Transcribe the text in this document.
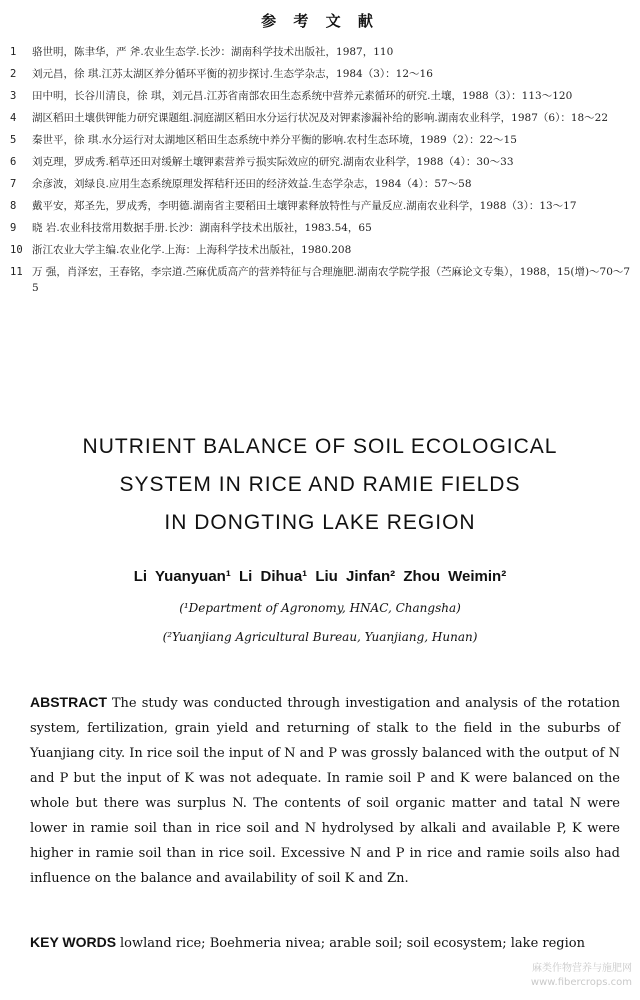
参 考 文 献
1	骆世明，陈聿华，严 斧.农业生态学.长沙：湖南科学技术出版社，1987，110
2	刘元昌，徐 琪.江苏太湖区养分循环平衡的初步探讨.生态学杂志，1984（3）：12～16
3	田中明，长谷川清良，徐 琪，刘元昌.江苏省南部农田生态系统中营养元素循环的研究.土壤，1988（3）：113～120
4	湖区稻田土壤供钾能力研究课题组.洞庭湖区稻田水分运行状况及对钾素渗漏补给的影响.湖南农业科学，1987（6）：18～22
5	秦世平，徐 琪.水分运行对太湖地区稻田生态系统中养分平衡的影响.农村生态环境，1989（2）：22～15
6	刘克理，罗成秀.稻草还田对缓解土壤钾素营养亏损实际效应的研究.湖南农业科学，1988（4）：30～33
7	余彦波，刘绿良.应用生态系统原理发挥秸秆还田的经济效益.生态学杂志，1984（4）：57～58
8	戴平安，郑圣先，罗成秀，李明德.湖南省主要稻田土壤钾素释放特性与产量反应.湖南农业科学，1988（3）：13～17
9	晓 岩.农业科技常用数据手册.长沙：湖南科学技术出版社，1983.54，65
10 浙江农业大学主编.农业化学.上海：上海科学技术出版社，1980.208
11 万 强，肖泽宏，王春铭，李宗道.苎麻优质高产的营养特征与合理施肥.湖南农学院学报（苎麻论文专集），1988，15(增)～70～75
NUTRIENT BALANCE OF SOIL ECOLOGICAL
SYSTEM IN RICE AND RAMIE FIELDS
IN DONGTING LAKE REGION
Li Yuanyuan¹ Li Dihua¹ Liu Jinfan² Zhou Weimin²
(¹Department of Agronomy, HNAC, Changsha)
(²Yuanjiang Agricultural Bureau, Yuanjiang, Hunan)
ABSTRACT The study was conducted through investigation and analysis of the rotation system, fertilization, grain yield and returning of stalk to the field in the suburbs of Yuanjiang city. In rice soil the input of N and P was grossly balanced with the output of N and P but the input of K was not adequate. In ramie soil P and K were balanced on the whole but there was surplus N. The contents of soil organic matter and tatal N were lower in ramie soil than in rice soil and N hydrolysed by alkali and available P, K were higher in ramie soil than in rice soil. Excessive N and P in rice and ramie soils also had influence on the balance and availability of soil K and Zn.
KEY WORDS lowland rice; Boehmeria nivea; arable soil; soil ecosystem; lake region
麻类作物营养与施肥网
www.fibercrops.com
